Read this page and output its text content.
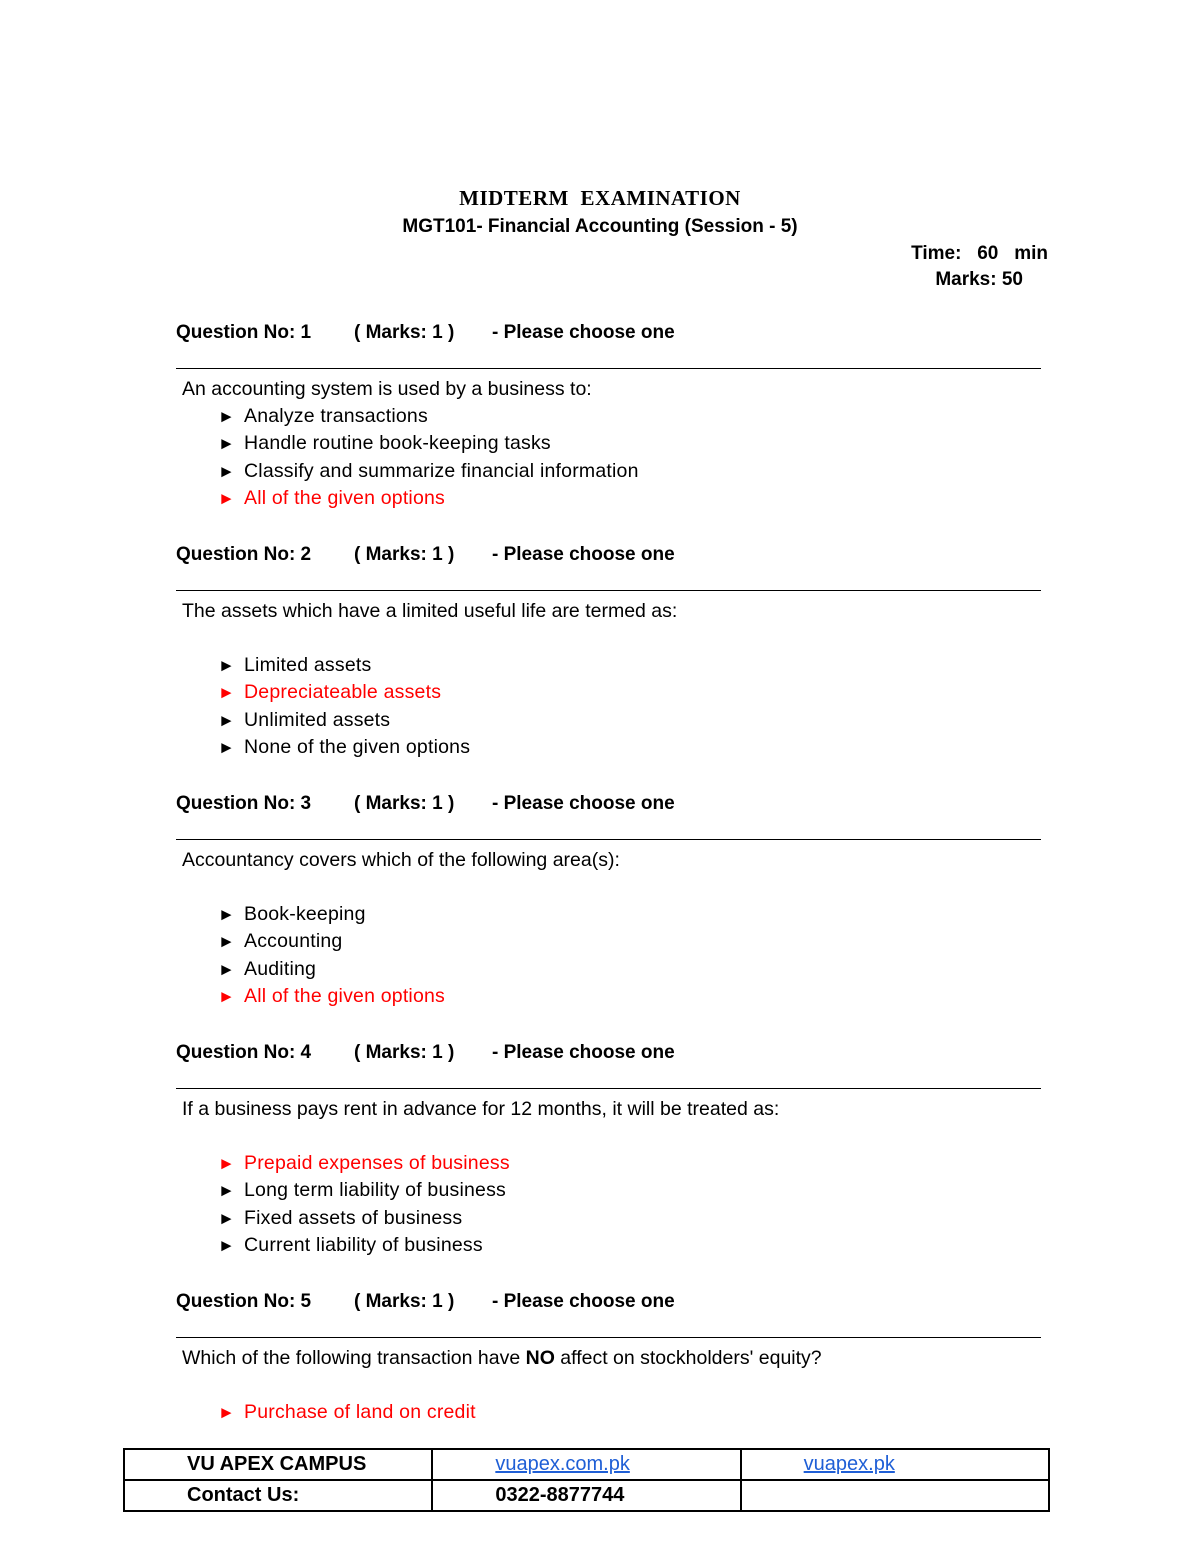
MIDTERM EXAMINATION
MGT101- Financial Accounting (Session - 5)
Time:   60   min
Marks: 50
Question No: 1 ( Marks: 1 ) - Please choose one
An accounting system is used by a business to:
► Analyze transactions
► Handle routine book-keeping tasks
► Classify and summarize financial information
► All of the given options
Question No: 2 ( Marks: 1 ) - Please choose one
The assets which have a limited useful life are termed as:
► Limited assets
► Depreciateable assets
► Unlimited assets
► None of the given options
Question No: 3 ( Marks: 1 ) - Please choose one
Accountancy covers which of the following area(s):
► Book-keeping
► Accounting
► Auditing
► All of the given options
Question No: 4 ( Marks: 1 ) - Please choose one
If a business pays rent in advance for 12 months, it will be treated as:
► Prepaid expenses of business
► Long term liability of business
► Fixed assets of business
► Current liability of business
Question No: 5 ( Marks: 1 ) - Please choose one
Which of the following transaction have NO affect on stockholders' equity?
► Purchase of land on credit
VU APEX CAMPUS	vuapex.com.pk	vuapex.pk
Contact Us:	0322-8877744	
